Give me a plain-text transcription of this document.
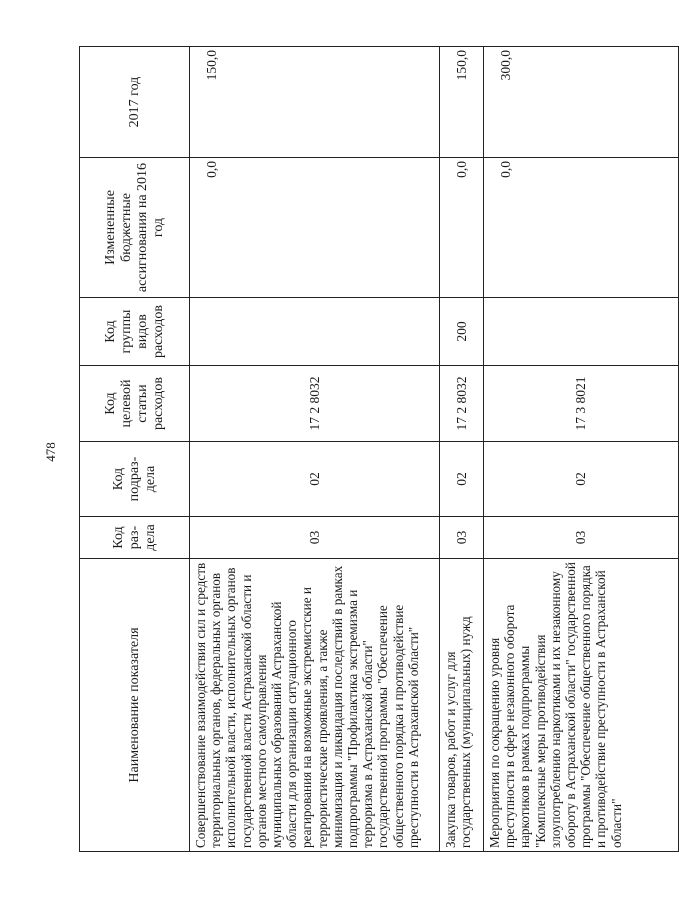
478
Наименование показателя	Код раз-дела	Код подраз-дела	Код целевой статьи расходов	Код группы видов расходов	Измененные бюджетные ассигнования на 2016 год	2017 год
Совершенствование взаимодействия сил и средств территориальных органов, федеральных органов исполнительной власти, исполнительных органов государственной власти Астраханской области и органов местного самоуправления муниципальных образований Астраханской области для организации ситуационного реагирования на возможные экстремистские и террористические проявления, а также минимизация и ликвидация последствий в рамках подпрограммы "Профилактика экстремизма и терроризма в Астраханской области" государственной программы "Обеспечение общественного порядка и противодействие преступности в Астраханской области"	03	02	17 2 8032		0,0	150,0
Закупка товаров, работ и услуг для государственных (муниципальных) нужд	03	02	17 2 8032	200	0,0	150,0
Мероприятия по сокращению уровня преступности в сфере незаконного оборота наркотиков в рамках подпрограммы "Комплексные меры противодействия злоупотреблению наркотиками и их незаконному обороту в Астраханской области" государственной программы "Обеспечение общественного порядка и противодействие преступности в Астраханской области"	03	02	17 3 8021		0,0	300,0
